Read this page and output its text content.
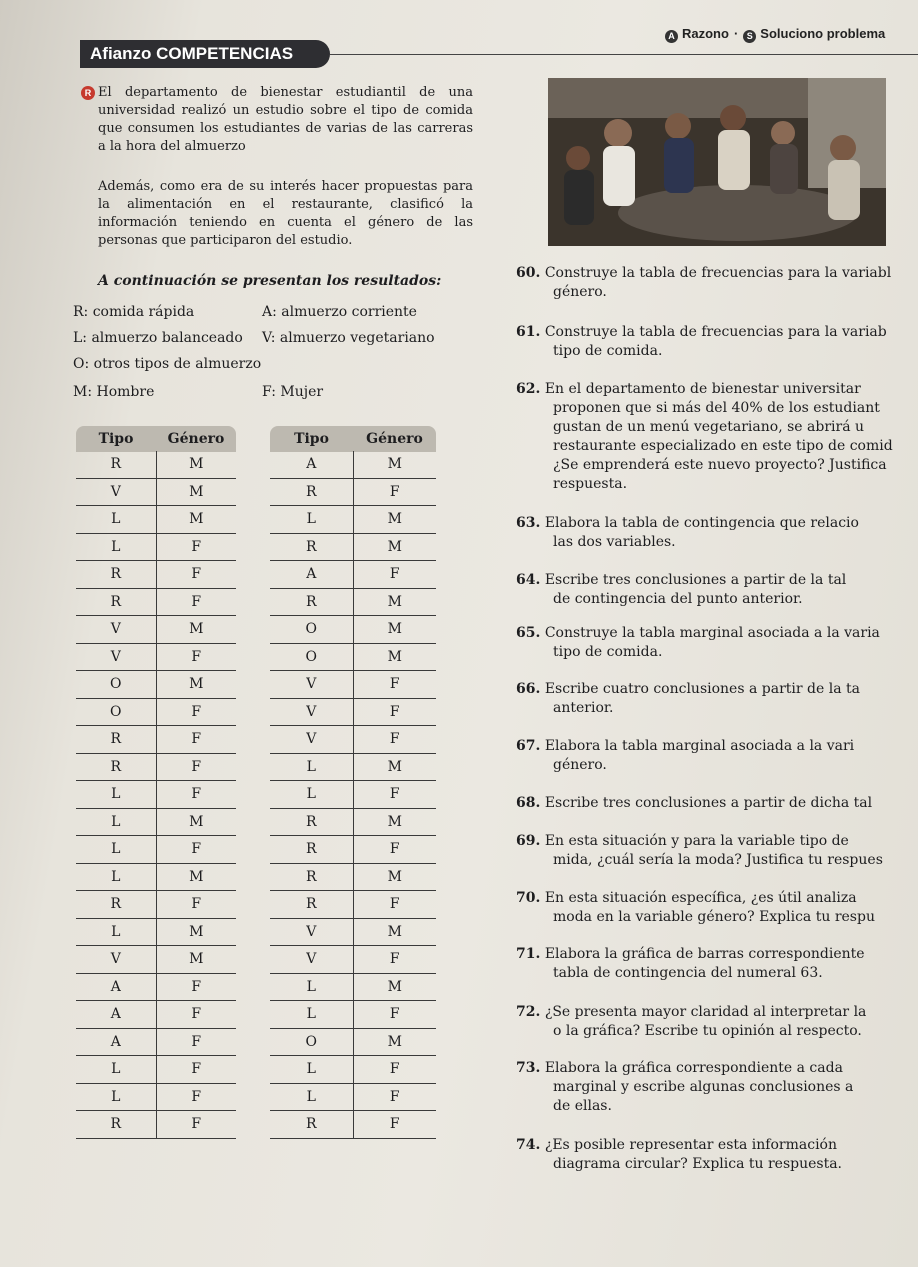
Afianzo COMPETENCIAS
A Razono · S Soluciono problema
R El departamento de bienestar estudiantil de una universidad realizó un estudio sobre el tipo de comida que consumen los estudiantes de varias de las carreras a la hora del almuerzo
Además, como era de su interés hacer propuestas para la alimentación en el restaurante, clasificó la información teniendo en cuenta el género de las personas que participaron del estudio.
A continuación se presentan los resultados:
R: comida rápida	A: almuerzo corriente
L: almuerzo balanceado V: almuerzo vegetariano
O: otros tipos de almuerzo
M: Hombre	F: Mujer
Tipo	Género
R	M
V	M
L	M
L	F
R	F
R	F
V	M
V	F
O	M
O	F
R	F
R	F
L	F
L	M
L	F
L	M
R	F
L	M
V	M
A	F
A	F
A	F
L	F
L	F
R	F
Tipo	Género
A	M
R	F
L	M
R	M
A	F
R	M
O	M
O	M
V	F
V	F
V	F
L	M
L	F
R	M
R	F
R	M
R	F
V	M
V	F
L	M
L	F
O	M
L	F
L	F
R	F
60. Construye la tabla de frecuencias para la variabl
género.
61. Construye la tabla de frecuencias para la variab
tipo de comida.
62. En el departamento de bienestar universitar
proponen que si más del 40% de los estudiant
gustan de un menú vegetariano, se abrirá u
restaurante especializado en este tipo de comid
¿Se emprenderá este nuevo proyecto? Justifica
respuesta.
63. Elabora la tabla de contingencia que relacio
las dos variables.
64. Escribe tres conclusiones a partir de la tal
de contingencia del punto anterior.
65. Construye la tabla marginal asociada a la varia
tipo de comida.
66. Escribe cuatro conclusiones a partir de la ta
anterior.
67. Elabora la tabla marginal asociada a la vari
género.
68. Escribe tres conclusiones a partir de dicha tal
69. En esta situación y para la variable tipo de
mida, ¿cuál sería la moda? Justifica tu respues
70. En esta situación específica, ¿es útil analiza
moda en la variable género? Explica tu respu
71. Elabora la gráfica de barras correspondiente
tabla de contingencia del numeral 63.
72. ¿Se presenta mayor claridad al interpretar la
o la gráfica? Escribe tu opinión al respecto.
73. Elabora la gráfica correspondiente a cada
marginal y escribe algunas conclusiones a
de ellas.
74. ¿Es posible representar esta información
diagrama circular? Explica tu respuesta.
